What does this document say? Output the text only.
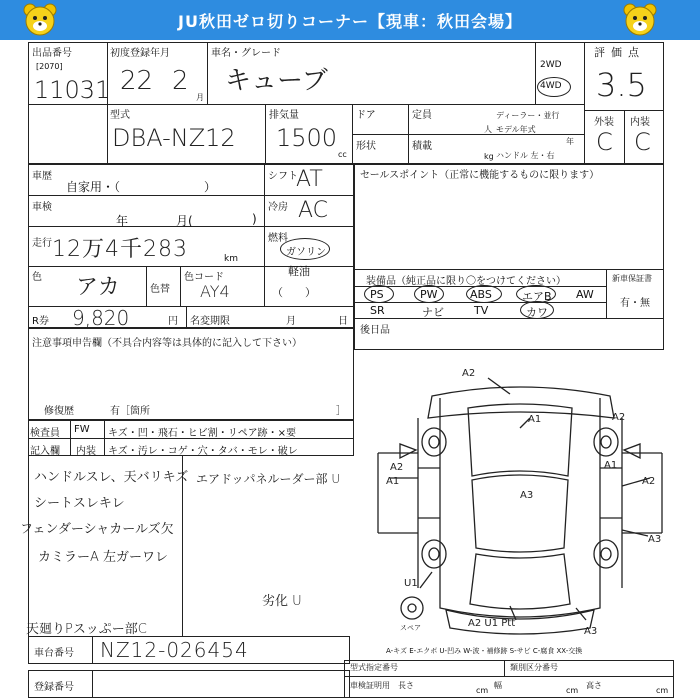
JU秋田ゼロ切りコーナー【現車：秋田会場】
出品番号
[2070]
11031
初度登録年月
22 2
月
車名・グレード
キューブ
2WD
4WD
評価点
3.5
型式
DBA-NZ12
排気量
1500
cc
ドア	定員
人
形状	積載
kg
ディーラー・並行
モデル年式
年
ハンドル 左・右
外装 内装
C C
車歴
自家用・（　　　　　　　）
シフト
AT
車検
年	月(	)
冷房 AC
走行 12万4千283	km
燃料
ガソリン
軽油
（　　）
色 アカ	色替
色コード
AY4
R券 9,820	円 名変期限	月	日
セールスポイント（正常に機能するものに限ります）
装備品（純正品に限り〇をつけてください）	新車保証書
有・無
PS	PW	ABS	エアB AW
SR	ナビ	TV	カワ
後日品
注意事項申告欄（不具合内容等は具体的に記入して下さい）
修復歴	有［箇所	］
検査員
記入欄
FW
内装
キズ・凹・飛石・ヒビ割・リペア跡・×要
キズ・汚レ・コゲ・穴・タバ・モレ・破レ
ハンドルスレ、天バリキズ
シートスレキレ
フェンダーシャカールズ欠
カミラーA 左ガーワレ
天廻りPスッぷー部C
エアドッパネルーダー部 U
劣化 U
A2
A1	A2
A1
A1
A3
A2
A3
U1
A2
A3
A2 U1 Ptt
スペア
A-キズ E-エクボ U-凹み W-波・補修跡 S-サビ C-腐食 XX-交換
車台番号 NZ12-026454
登録番号
型式指定番号	類別区分番号
車検証明用 長さ
cm
幅
cm
高さ
cm
